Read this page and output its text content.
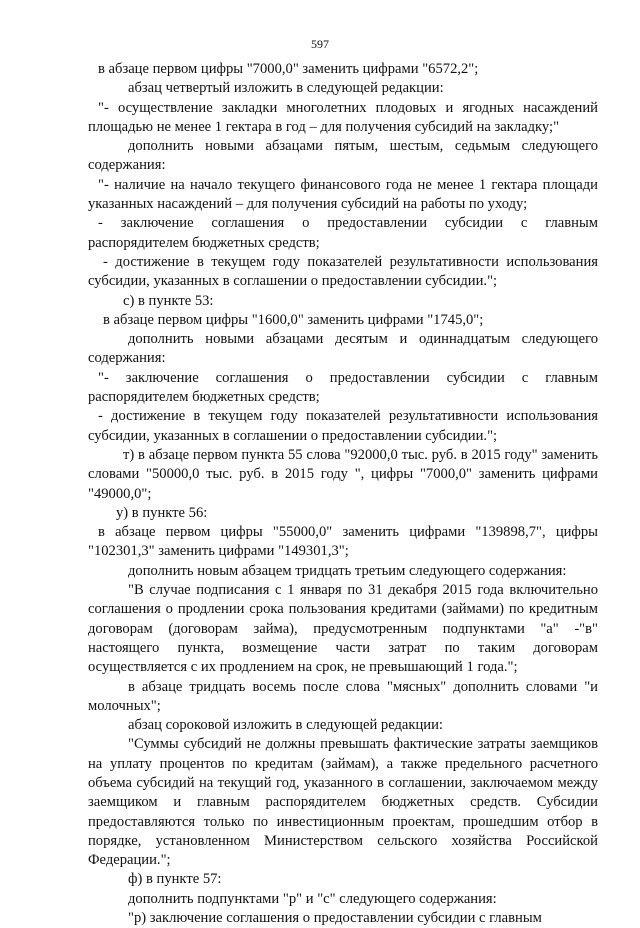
597

в абзаце первом цифры "7000,0" заменить цифрами "6572,2";

абзац четвертый изложить в следующей редакции:

"- осуществление закладки многолетних плодовых и ягодных насаждений площадью не менее 1 гектара в год – для получения субсидий на закладку;"

дополнить новыми абзацами пятым, шестым, седьмым следующего содержания:

"- наличие на начало текущего финансового года не менее 1 гектара площади указанных насаждений – для получения субсидий на работы по уходу;

- заключение соглашения о предоставлении субсидии с главным распорядителем бюджетных средств;

- достижение в текущем году показателей результативности использования субсидии, указанных в соглашении о предоставлении субсидии.";

с) в пункте 53:

в абзаце первом цифры "1600,0" заменить цифрами "1745,0";

дополнить новыми абзацами десятым и одиннадцатым следующего содержания:

"- заключение соглашения о предоставлении субсидии с главным распорядителем бюджетных средств;

- достижение в текущем году показателей результативности использования субсидии, указанных в соглашении о предоставлении субсидии.";

т) в абзаце первом пункта 55 слова "92000,0 тыс. руб. в 2015 году" заменить словами "50000,0 тыс. руб. в 2015 году ", цифры "7000,0" заменить цифрами "49000,0";

у) в пункте 56:

в абзаце первом цифры "55000,0" заменить цифрами "139898,7", цифры "102301,3" заменить цифрами "149301,3";

дополнить новым абзацем тридцать третьим следующего содержания:

"В случае подписания с 1 января по 31 декабря 2015 года включительно соглашения о продлении срока пользования кредитами (займами) по кредитным договорам (договорам займа), предусмотренным подпунктами "а" -"в" настоящего пункта, возмещение части затрат по таким договорам осуществляется с их продлением на срок, не превышающий 1 года.";

в абзаце тридцать восемь после слова "мясных" дополнить словами "и молочных";

абзац сороковой изложить в следующей редакции:

"Суммы субсидий не должны превышать фактические затраты заемщиков на уплату процентов по кредитам (займам), а также предельного расчетного объема субсидий на текущий год, указанного в соглашении, заключаемом между заемщиком и главным распорядителем бюджетных средств. Субсидии предоставляются только по инвестиционным проектам, прошедшим отбор в порядке, установленном Министерством сельского хозяйства Российской Федерации.";

ф) в пункте 57:

дополнить подпунктами "р" и "с" следующего содержания:

"р) заключение соглашения о предоставлении субсидии с главным
